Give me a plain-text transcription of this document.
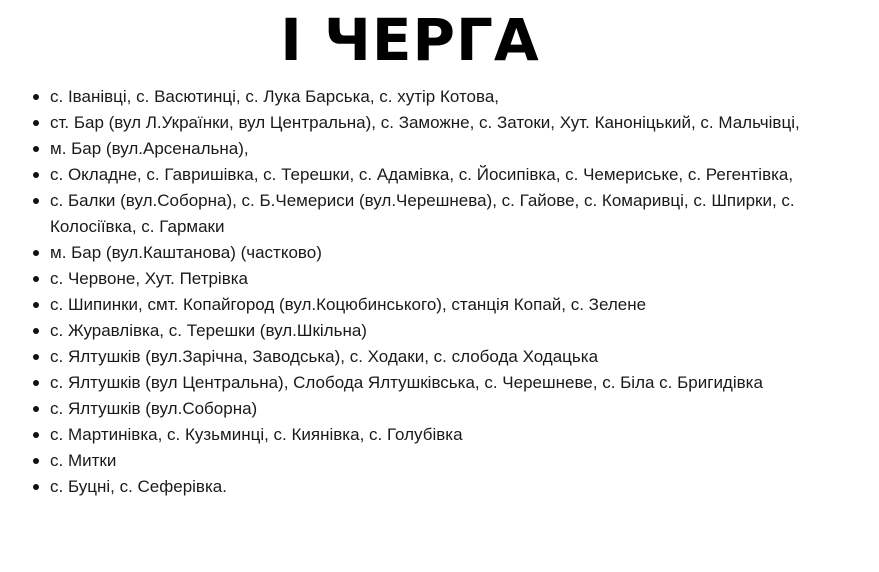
І ЧЕРГА
с. Іванівці, с. Васютинці, с. Лука Барська, с. хутір Котова,
ст. Бар (вул Л.Українки, вул Центральна), с. Заможне, с. Затоки, Хут. Каноніцький, с. Мальчівці,
м. Бар (вул.Арсенальна),
с. Окладне, с. Гавришівка, с. Терешки, с. Адамівка, с. Йосипівка, с. Чемериське, с. Регентівка,
с. Балки (вул.Соборна), с. Б.Чемериси (вул.Черешнева), с. Гайове, с. Комаривці, с. Шпирки, с. Колосіївка, с. Гармаки
м. Бар (вул.Каштанова) (частково)
с. Червоне, Хут. Петрівка
с. Шипинки, смт. Копайгород (вул.Коцюбинського), станція Копай, с. Зелене
с. Журавлівка, с. Терешки (вул.Шкільна)
с. Ялтушків (вул.Зарічна, Заводська), с. Ходаки, с. слобода Ходацька
с. Ялтушків (вул Центральна), Слобода Ялтушківська, с. Черешневе, с. Біла с. Бригидівка
с. Ялтушків (вул.Соборна)
с. Мартинівка, с. Кузьминці, с. Киянівка, с. Голубівка
с. Митки
с. Буцні, с. Сеферівка.
